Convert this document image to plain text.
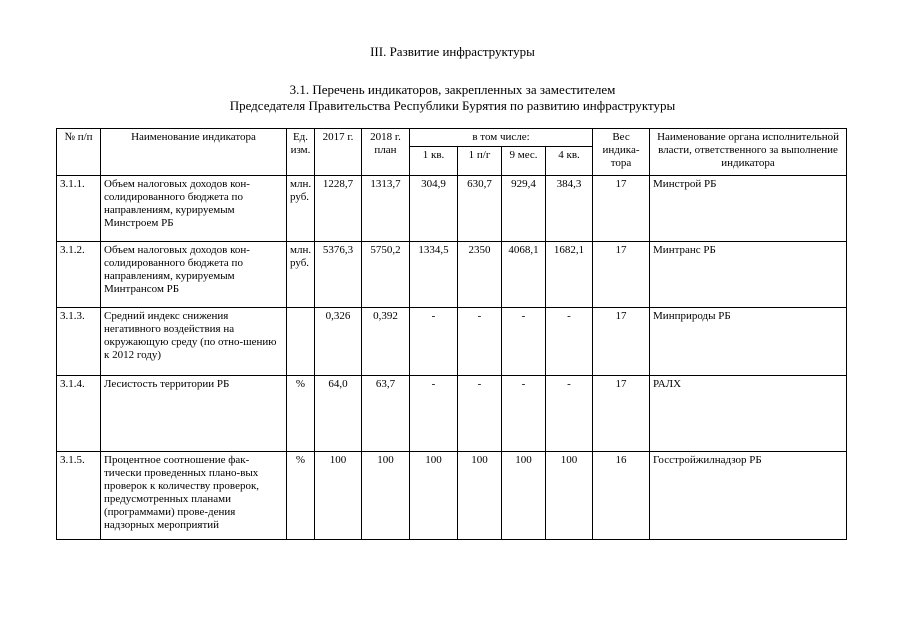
III. Развитие инфраструктуры
3.1. Перечень индикаторов, закрепленных за заместителем
Председателя Правительства Республики Бурятия по развитию инфраструктуры
№ п/п	Наименование индикатора	Ед. изм.	2017 г.	2018 г. план	в том числе:				Вес индика-тора	Наименование органа исполнительной власти, ответственного за выполнение индикатора
					1 кв.	1 п/г	9 мес.	4 кв.		
3.1.1.	Объем налоговых доходов кон-солидированного бюджета по направлениям, курируемым Минстроем РБ	млн. руб.	1228,7	1313,7	304,9	630,7	929,4	384,3	17	Минстрой РБ
3.1.2.	Объем налоговых доходов кон-солидированного бюджета по направлениям, курируемым Минтрансом РБ	млн. руб.	5376,3	5750,2	1334,5	2350	4068,1	1682,1	17	Минтранс РБ
3.1.3.	Средний индекс снижения негативного воздействия на окружающую среду (по отно-шению к 2012 году)		0,326	0,392	-	-	-	-	17	Минприроды РБ
3.1.4.	Лесистость территории РБ	%	64,0	63,7	-	-	-	-	17	РАЛХ
3.1.5.	Процентное соотношение фак-тически проведенных плано-вых проверок к количеству проверок, предусмотренных планами (программами) прове-дения надзорных мероприятий	%	100	100	100	100	100	100	16	Госстройжилнадзор РБ
